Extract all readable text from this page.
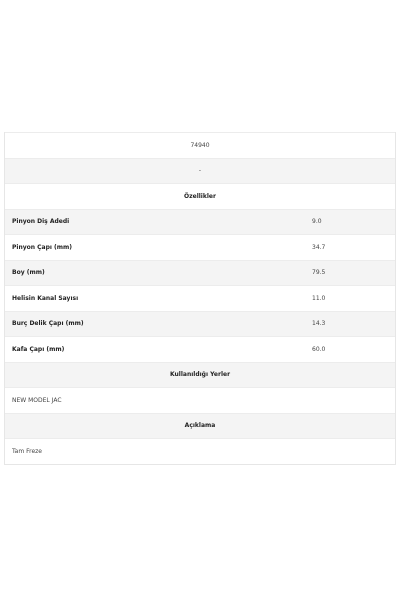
74940
-
Özellikler
Pinyon Diş Adedi	9.0
Pinyon Çapı (mm)	34.7
Boy (mm)	79.5
Helisin Kanal Sayısı	11.0
Burç Delik Çapı (mm)	14.3
Kafa Çapı (mm)	60.0
Kullanıldığı Yerler
NEW MODEL JAC
Açıklama
Tam Freze
